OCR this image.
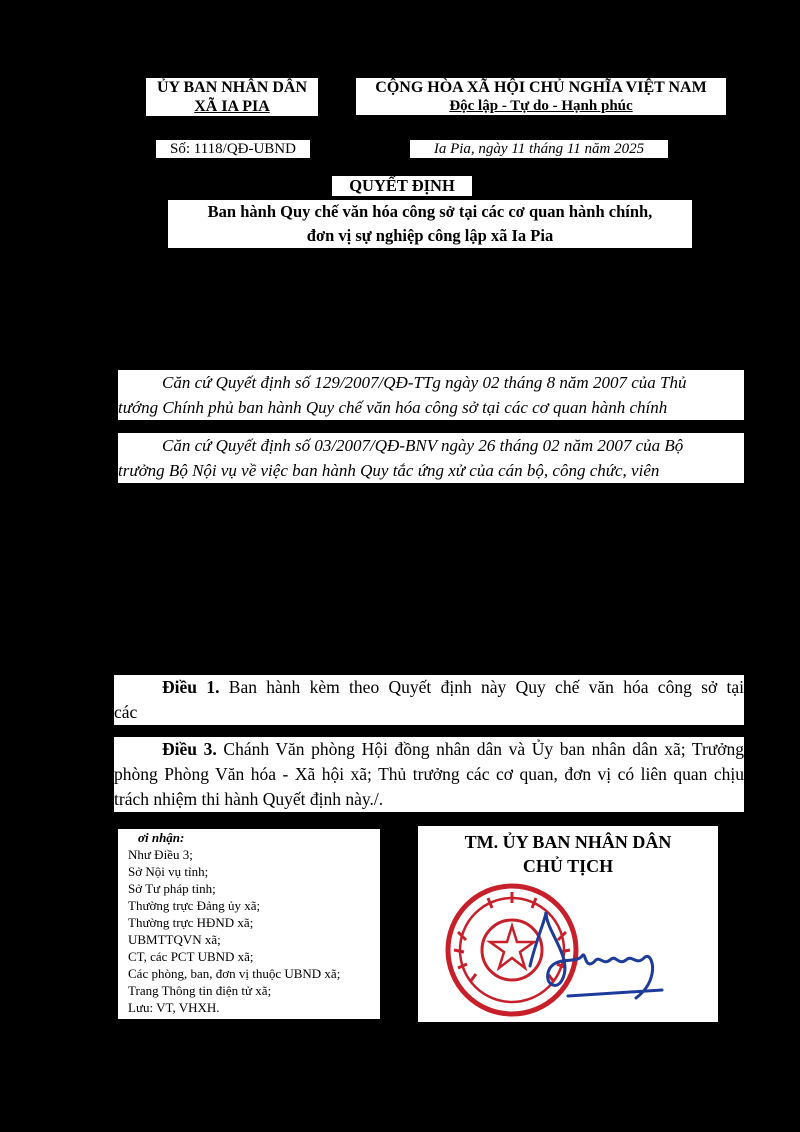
ỦY BAN NHÂN DÂN
XÃ IA PIA
CỘNG HÒA XÃ HỘI CHỦ NGHĨA VIỆT NAM
Độc lập - Tự do - Hạnh phúc
Số: 1118/QĐ-UBND	Ia Pia, ngày 11 tháng 11 năm 2025
QUYẾT ĐỊNH
Ban hành Quy chế văn hóa công sở tại các cơ quan hành chính,
đơn vị sự nghiệp công lập xã Ia Pia
Căn cứ Quyết định số 129/2007/QĐ-TTg ngày 02 tháng 8 năm 2007 của Thủ
tướng Chính phủ ban hành Quy chế văn hóa công sở tại các cơ quan hành chính
Căn cứ Quyết định số 03/2007/QĐ-BNV ngày 26 tháng 02 năm 2007 của Bộ
trưởng Bộ Nội vụ về việc ban hành Quy tắc ứng xử của cán bộ, công chức, viên
Điều 1. Ban hành kèm theo Quyết định này Quy chế văn hóa công sở tại
các
Điều 3. Chánh Văn phòng Hội đồng nhân dân và Ủy ban nhân dân xã; Trưởng phòng Phòng Văn hóa - Xã hội xã; Thủ trưởng các cơ quan, đơn vị có liên quan chịu trách nhiệm thi hành Quyết định này./.
ơi nhận:
Như Điều 3;
Sở Nội vụ tỉnh;
Sở Tư pháp tỉnh;
Thường trực Đảng ủy xã;
Thường trực HĐND xã;
UBMTTQVN xã;
CT, các PCT UBND xã;
Các phòng, ban, đơn vị thuộc UBND xã;
Trang Thông tin điện tử xã;
Lưu: VT, VHXH.
TM. ỦY BAN NHÂN DÂN
CHỦ TỊCH
